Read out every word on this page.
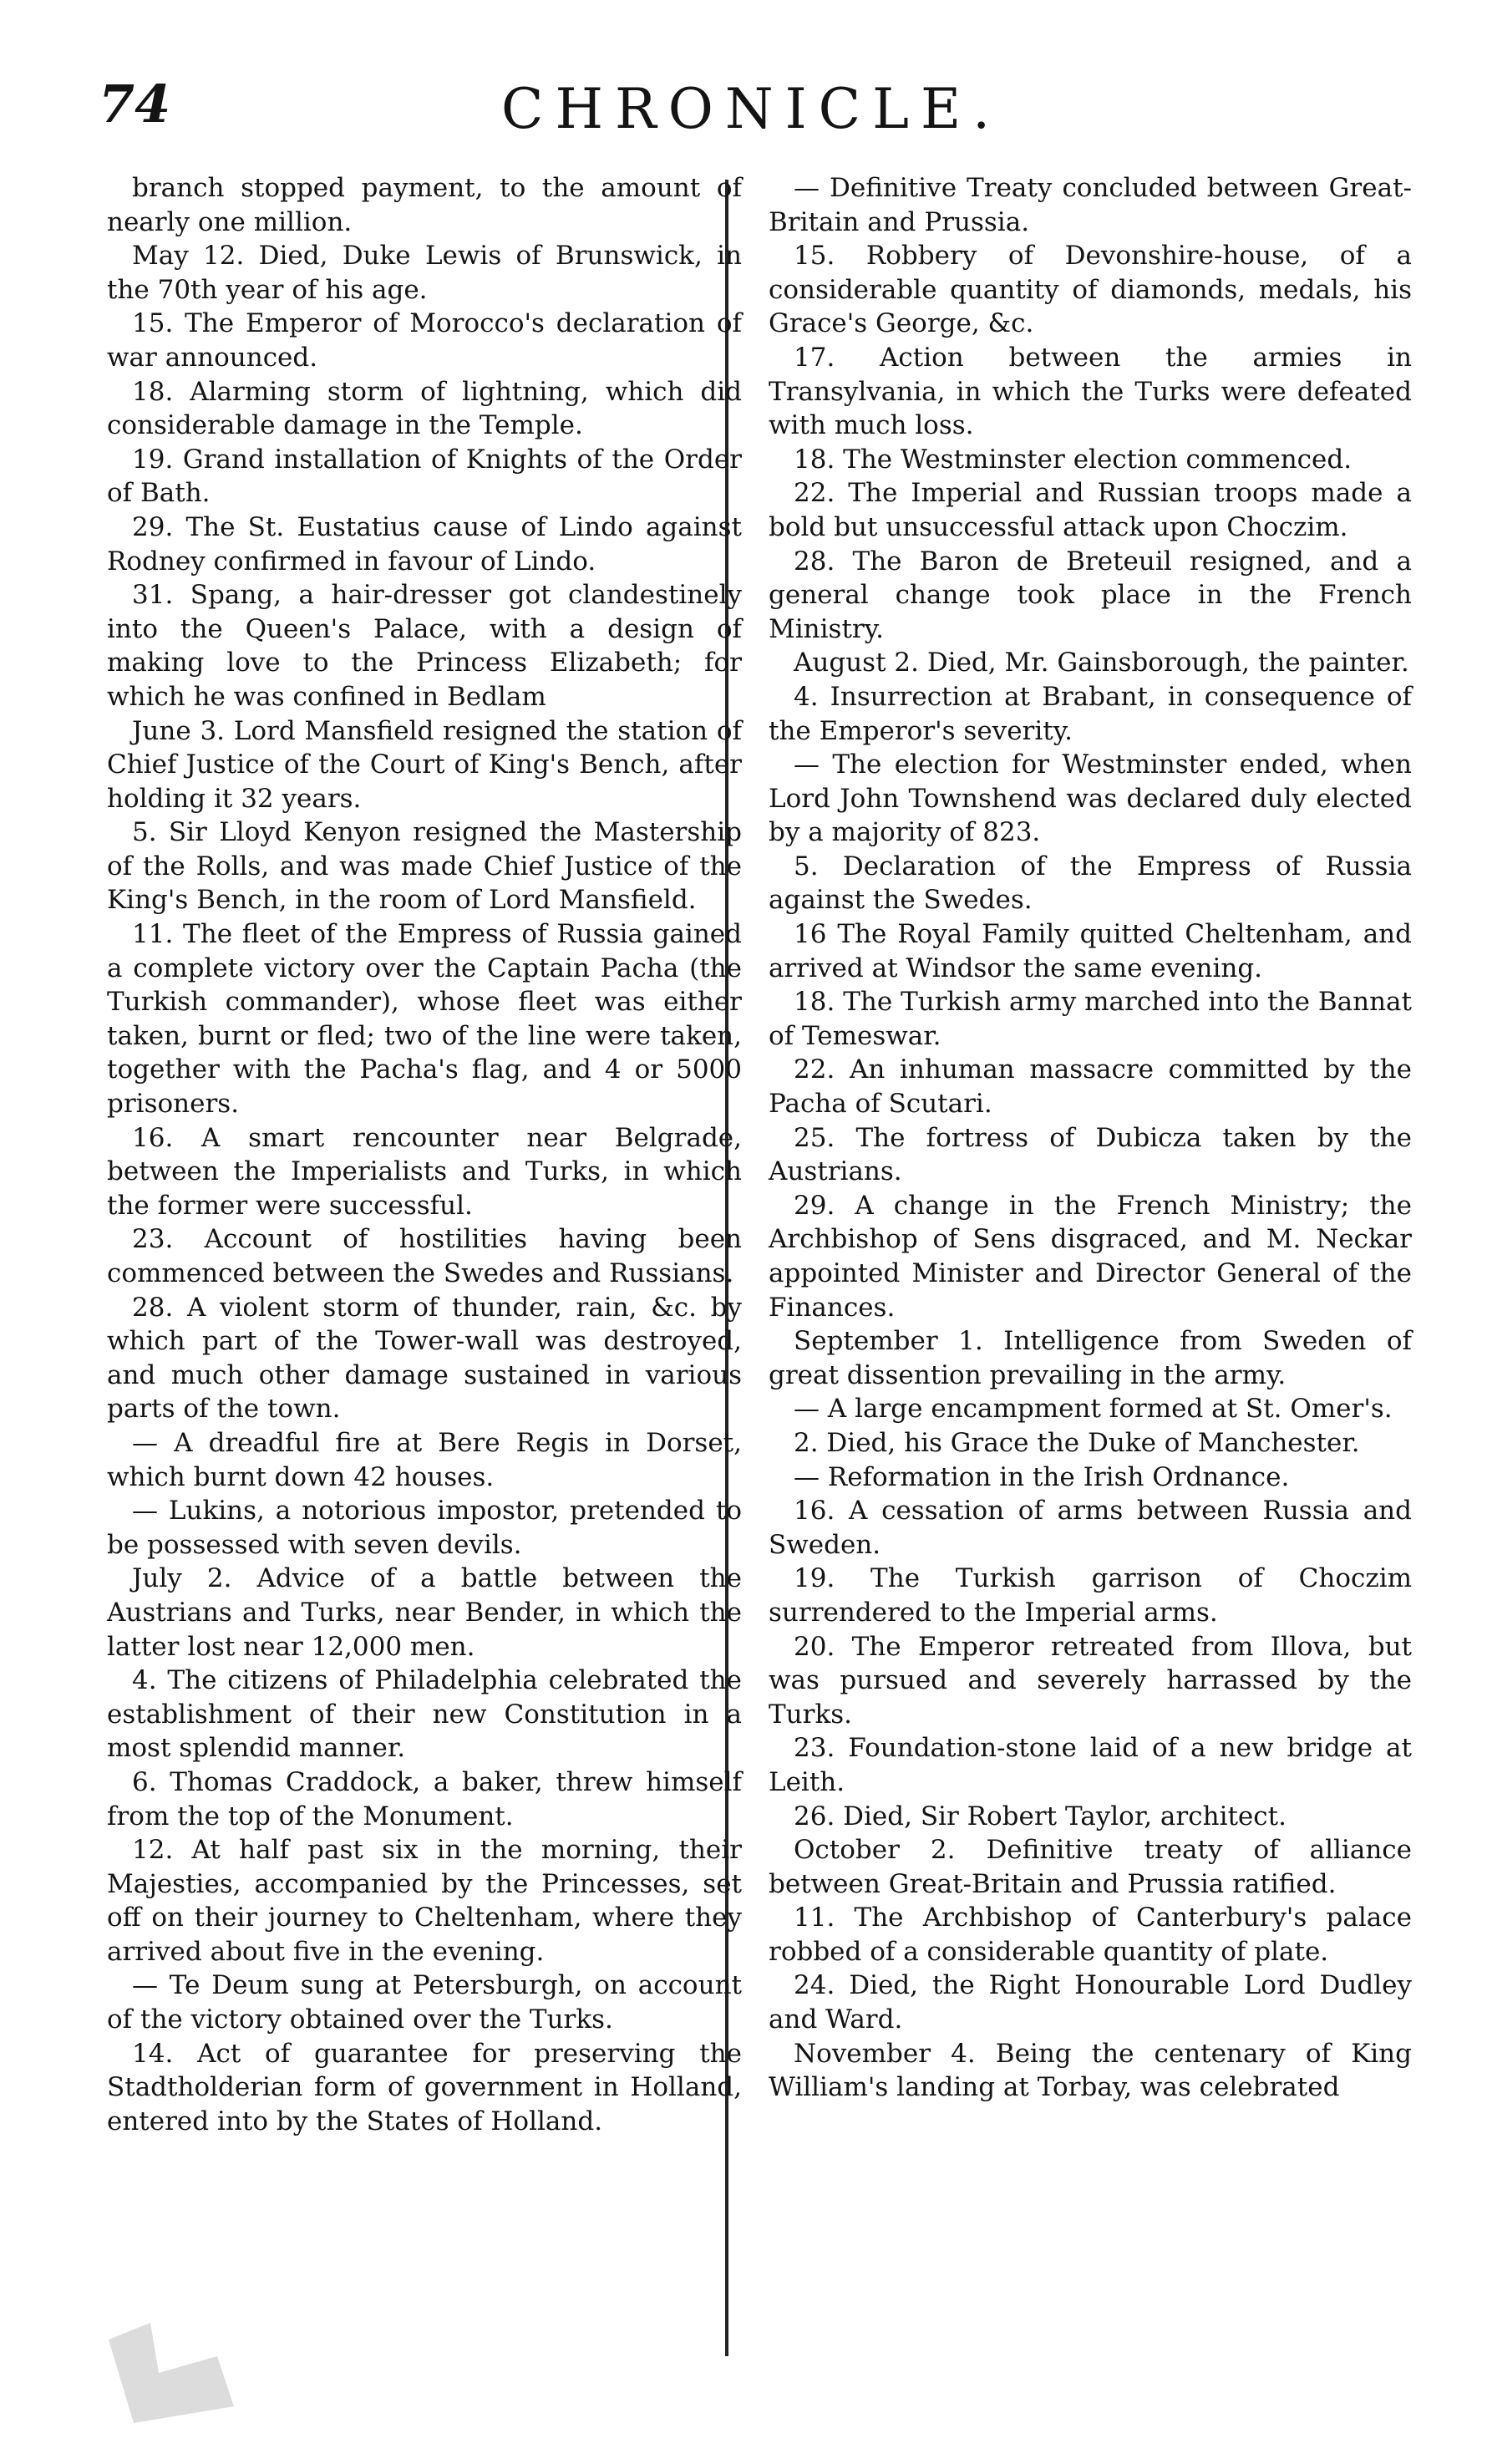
74	CHRONICLE.

branch stopped payment, to the amount of nearly one million.

May 12. Died, Duke Lewis of Brunswick, in the 70th year of his age.

15. The Emperor of Morocco's declaration of war announced.

18. Alarming storm of lightning, which did considerable damage in the Temple.

19. Grand installation of Knights of the Order of Bath.

29. The St. Eustatius cause of Lindo against Rodney confirmed in favour of Lindo.

31. Spang, a hair-dresser got clandestinely into the Queen's Palace, with a design of making love to the Princess Elizabeth; for which he was confined in Bedlam

June 3. Lord Mansfield resigned the station of Chief Justice of the Court of King's Bench, after holding it 32 years.

5. Sir Lloyd Kenyon resigned the Mastership of the Rolls, and was made Chief Justice of the King's Bench, in the room of Lord Mansfield.

11. The fleet of the Empress of Russia gained a complete victory over the Captain Pacha (the Turkish commander), whose fleet was either taken, burnt or fled; two of the line were taken, together with the Pacha's flag, and 4 or 5000 prisoners.

16. A smart rencounter near Belgrade, between the Imperialists and Turks, in which the former were successful.

23. Account of hostilities having been commenced between the Swedes and Russians.

28. A violent storm of thunder, rain, &c. by which part of the Tower-wall was destroyed, and much other damage sustained in various parts of the town.

— A dreadful fire at Bere Regis in Dorset, which burnt down 42 houses.

— Lukins, a notorious impostor, pretended to be possessed with seven devils.

July 2. Advice of a battle between the Austrians and Turks, near Bender, in which the latter lost near 12,000 men.

4. The citizens of Philadelphia celebrated the establishment of their new Constitution in a most splendid manner.

6. Thomas Craddock, a baker, threw himself from the top of the Monument.

12. At half past six in the morning, their Majesties, accompanied by the Princesses, set off on their journey to Cheltenham, where they arrived about five in the evening.

— Te Deum sung at Petersburgh, on account of the victory obtained over the Turks.

14. Act of guarantee for preserving the Stadtholderian form of government in Holland, entered into by the States of Holland.

— Definitive Treaty concluded between Great-Britain and Prussia.

15. Robbery of Devonshire-house, of a considerable quantity of diamonds, medals, his Grace's George, &c.

17. Action between the armies in Transylvania, in which the Turks were defeated with much loss.

18. The Westminster election commenced.

22. The Imperial and Russian troops made a bold but unsuccessful attack upon Choczim.

28. The Baron de Breteuil resigned, and a general change took place in the French Ministry.

August 2. Died, Mr. Gainsborough, the painter.

4. Insurrection at Brabant, in consequence of the Emperor's severity.

— The election for Westminster ended, when Lord John Townshend was declared duly elected by a majority of 823.

5. Declaration of the Empress of Russia against the Swedes.

16 The Royal Family quitted Cheltenham, and arrived at Windsor the same evening.

18. The Turkish army marched into the Bannat of Temeswar.

22. An inhuman massacre committed by the Pacha of Scutari.

25. The fortress of Dubicza taken by the Austrians.

29. A change in the French Ministry; the Archbishop of Sens disgraced, and M. Neckar appointed Minister and Director General of the Finances.

September 1. Intelligence from Sweden of great dissention prevailing in the army.

— A large encampment formed at St. Omer's.

2. Died, his Grace the Duke of Manchester.

— Reformation in the Irish Ordnance.

16. A cessation of arms between Russia and Sweden.

19. The Turkish garrison of Choczim surrendered to the Imperial arms.

20. The Emperor retreated from Illova, but was pursued and severely harrassed by the Turks.

23. Foundation-stone laid of a new bridge at Leith.

26. Died, Sir Robert Taylor, architect.

October 2. Definitive treaty of alliance between Great-Britain and Prussia ratified.

11. The Archbishop of Canterbury's palace robbed of a considerable quantity of plate.

24. Died, the Right Honourable Lord Dudley and Ward.

November 4. Being the centenary of King William's landing at Torbay, was celebrated
